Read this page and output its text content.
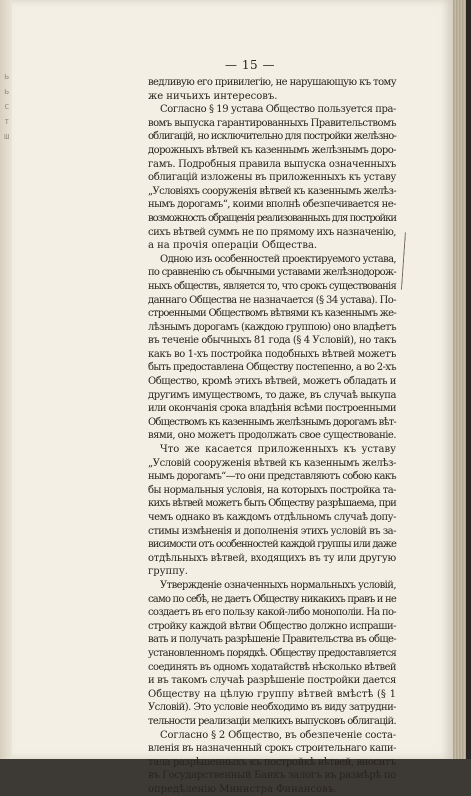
ь
ь
с
т
ш
— 15 —
ведливую его привилегію, не нарушающую къ тому
же ничьихъ интересовъ.
Согласно § 19 устава Общество пользуется пра-
вомъ выпуска гарантированныхъ Правительствомъ
облигацій, но исключительно для постройки желѣзно-
дорожныхъ вѣтвей къ казеннымъ желѣзнымъ доро-
гамъ. Подробныя правила выпуска означенныхъ
облигацій изложены въ приложенныхъ къ уставу
„Условіяхъ сооруженія вѣтвей къ казеннымъ желѣз-
нымъ дорогамъ“, коими вполнѣ обезпечивается не-
возможность обращенія реализованныхъ для постройки
сихъ вѣтвей суммъ не по прямому ихъ назначенію,
а на прочія операціи Общества.
Одною изъ особенностей проектируемого устава,
по сравненію съ обычными уставами желѣзнодорож-
ныхъ обществъ, является то, что срокъ существованія
даннаго Общества не назначается (§ 34 устава). По-
строенными Обществомъ вѣтвями къ казеннымъ же-
лѣзнымъ дорогамъ (каждою группою) оно владѣетъ
въ теченіе обычныхъ 81 года (§ 4 Условій), но такъ
какъ во 1-хъ постройка подобныхъ вѣтвей можетъ
быть предоставлена Обществу постепенно, а во 2-хъ
Общество, кромѣ этихъ вѣтвей, можетъ обладать и
другимъ имуществомъ, то даже, въ случаѣ выкупа
или окончанія срока владѣнія всѣми построенными
Обществомъ къ казеннымъ желѣзнымъ дорогамъ вѣт-
вями, оно можетъ продолжать свое существованіе.
Что же касается приложенныхъ къ уставу
„Условій сооруженія вѣтвей къ казеннымъ желѣз-
нымъ дорогамъ“—то они представляютъ собою какъ
бы нормальныя условія, на которыхъ постройка та-
кихъ вѣтвей можетъ быть Обществу разрѣшаема, при
чемъ однако въ каждомъ отдѣльномъ случаѣ допу-
стимы измѣненія и дополненія этихъ условій въ за-
висимости отъ особенностей каждой группы или даже
отдѣльныхъ вѣтвей, входящихъ въ ту или другую
группу.
Утвержденіе означенныхъ нормальныхъ условій,
само по себѣ, не даетъ Обществу никакихъ правъ и не
создаетъ въ его пользу какой-либо монополіи. На по-
стройку каждой вѣтви Общество должно испраши-
вать и получать разрѣшеніе Правительства въ обще-
установленномъ порядкѣ. Обществу предоставляется
соединять въ одномъ ходатайствѣ нѣсколько вѣтвей
и въ такомъ случаѣ разрѣшеніе постройки дается
Обществу на цѣлую группу вѣтвей вмѣстѣ (§ 1
Условій). Это условіе необходимо въ виду затрудни-
тельности реализаціи мелкихъ выпусковъ облигацій.
Согласно § 2 Общество, въ обезпеченіе соста-
вленія въ назначенный срокъ строительнаго капи-
тала разрѣшенныхъ къ постройкѣ вѣтвей, вноситъ
въ Государственный Банкъ залогъ въ размѣрѣ по
опредѣленію Министра Финансовъ.
